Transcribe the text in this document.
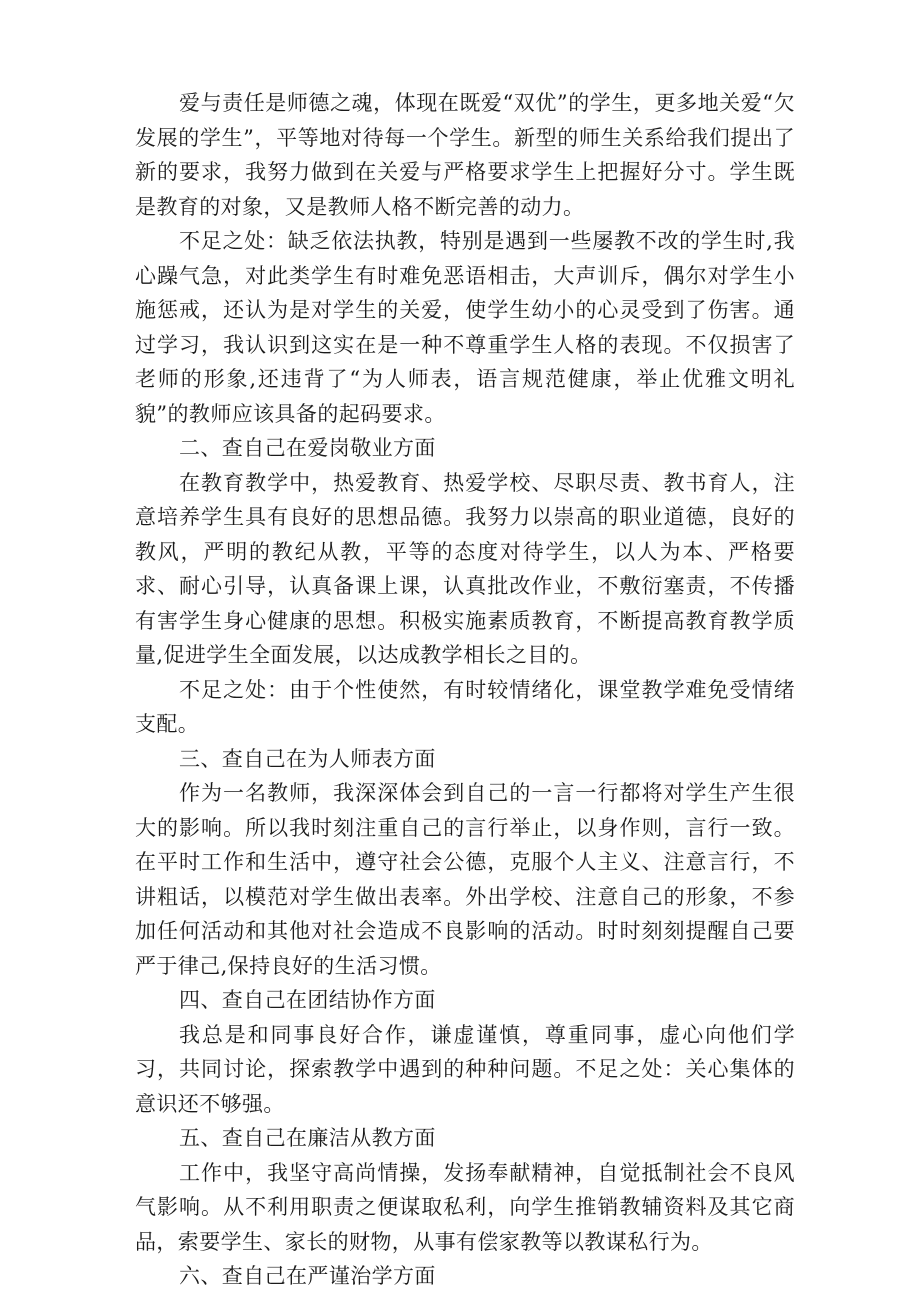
爱与责任是师德之魂，体现在既爱“双优”的学生，更多地关爱“欠发展的学生”，平等地对待每一个学生。新型的师生关系给我们提出了新的要求，我努力做到在关爱与严格要求学生上把握好分寸。学生既是教育的对象，又是教师人格不断完善的动力。

不足之处：缺乏依法执教，特别是遇到一些屡教不改的学生时,我心躁气急，对此类学生有时难免恶语相击，大声训斥，偶尔对学生小施惩戒，还认为是对学生的关爱，使学生幼小的心灵受到了伤害。通过学习，我认识到这实在是一种不尊重学生人格的表现。不仅损害了老师的形象,还违背了“为人师表，语言规范健康，举止优雅文明礼貌”的教师应该具备的起码要求。

二、查自己在爱岗敬业方面

在教育教学中，热爱教育、热爱学校、尽职尽责、教书育人，注意培养学生具有良好的思想品德。我努力以崇高的职业道德，良好的教风，严明的教纪从教，平等的态度对待学生，以人为本、严格要求、耐心引导，认真备课上课，认真批改作业，不敷衍塞责，不传播有害学生身心健康的思想。积极实施素质教育，不断提高教育教学质量,促进学生全面发展，以达成教学相长之目的。

不足之处：由于个性使然，有时较情绪化，课堂教学难免受情绪支配。

三、查自己在为人师表方面

作为一名教师，我深深体会到自己的一言一行都将对学生产生很大的影响。所以我时刻注重自己的言行举止，以身作则，言行一致。在平时工作和生活中，遵守社会公德，克服个人主义、注意言行，不讲粗话，以模范对学生做出表率。外出学校、注意自己的形象，不参加任何活动和其他对社会造成不良影响的活动。时时刻刻提醒自己要严于律己,保持良好的生活习惯。

四、查自己在团结协作方面

我总是和同事良好合作，谦虚谨慎，尊重同事，虚心向他们学习，共同讨论，探索教学中遇到的种种问题。不足之处：关心集体的意识还不够强。

五、查自己在廉洁从教方面

工作中，我坚守高尚情操，发扬奉献精神，自觉抵制社会不良风气影响。从不利用职责之便谋取私利，向学生推销教辅资料及其它商品，索要学生、家长的财物，从事有偿家教等以教谋私行为。

六、查自己在严谨治学方面
